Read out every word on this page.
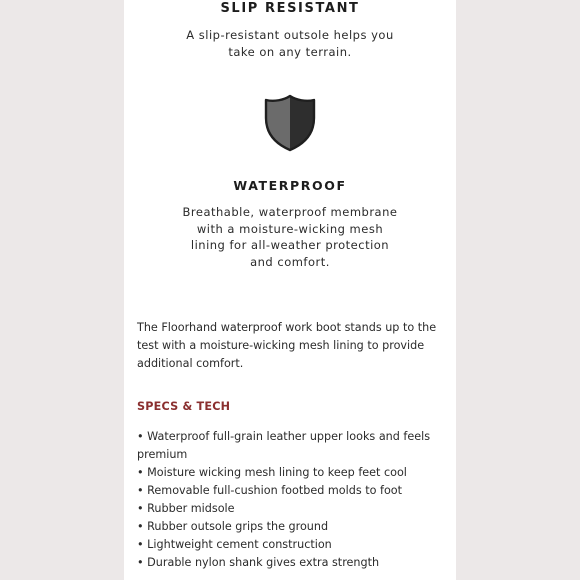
SLIP RESISTANT
A slip-resistant outsole helps you take on any terrain.
WATERPROOF
Breathable, waterproof membrane with a moisture-wicking mesh lining for all-weather protection and comfort.
The Floorhand waterproof work boot stands up to the test with a moisture-wicking mesh lining to provide additional comfort.
SPECS & TECH
• Waterproof full-grain leather upper looks and feels premium
• Moisture wicking mesh lining to keep feet cool
• Removable full-cushion footbed molds to foot
• Rubber midsole
• Rubber outsole grips the ground
• Lightweight cement construction
• Durable nylon shank gives extra strength
